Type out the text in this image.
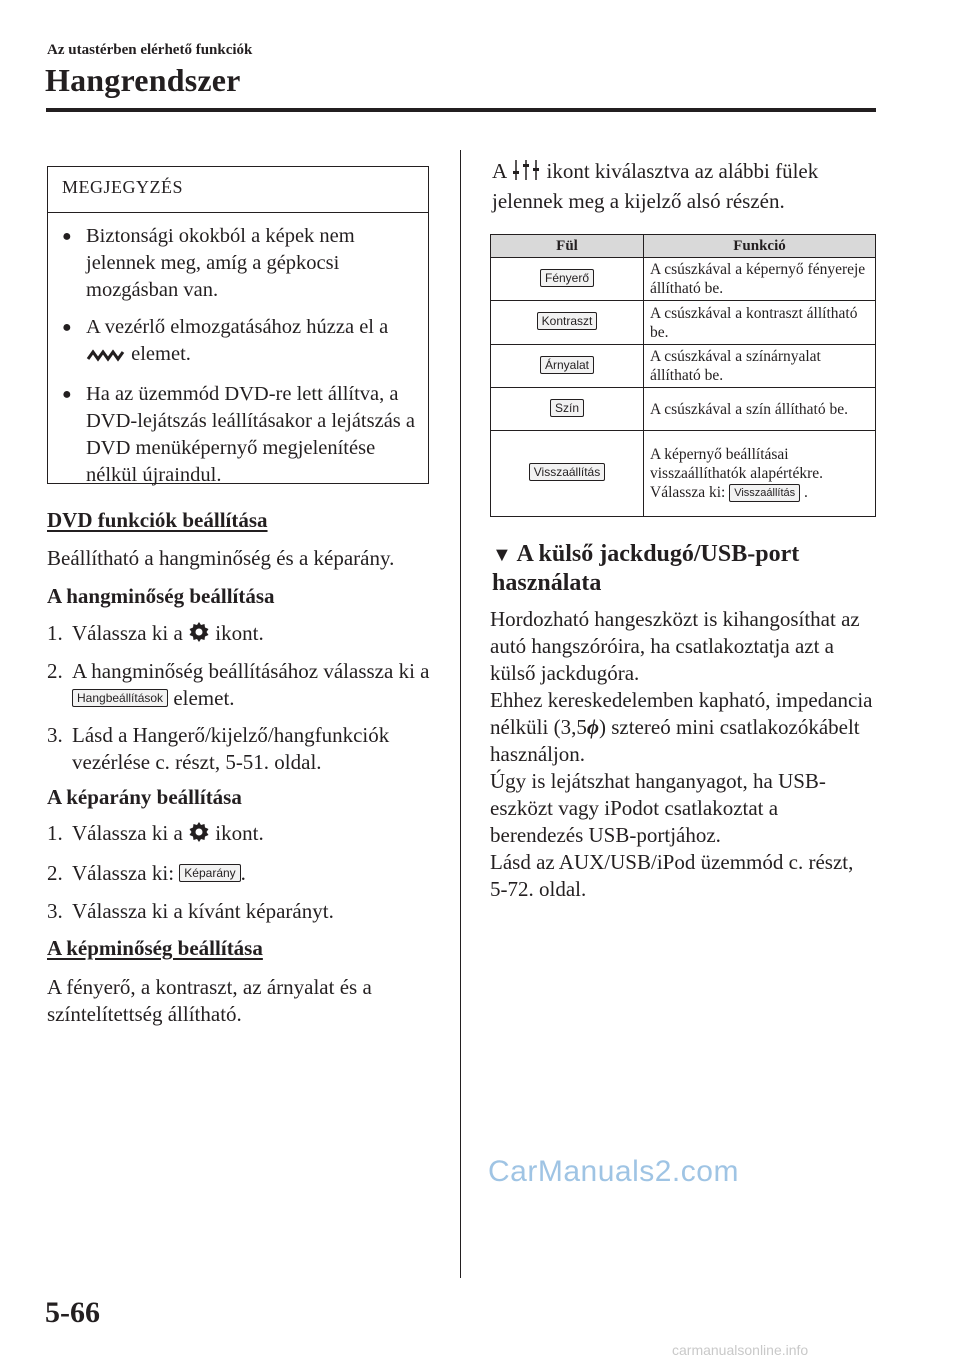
Az utastérben elérhető funkciók
Hangrendszer
MEGJEGYZÉS
● Biztonsági okokból a képek nem jelennek meg, amíg a gépkocsi mozgásban van.
● A vezérlő elmozgatásához húzza el a  elemet.
● Ha az üzemmód DVD-re lett állítva, a DVD-lejátszás leállításakor a lejátszás a DVD menüképernyő megjelenítése nélkül újraindul.
DVD funkciók beállítása
Beállítható a hangminőség és a képarány.
A hangminőség beállítása
1. Válassza ki a ikont.
2. A hangminőség beállításához válassza ki a Hangbeállítások elemet.
3. Lásd a Hangerő/kijelző/hangfunkciók vezérlése c. részt, 5-51. oldal.
A képarány beállítása
1. Válassza ki a ikont.
2. Válassza ki: Képarány .
3. Válassza ki a kívánt képarányt.
A képminőség beállítása
A fényerő, a kontraszt, az árnyalat és a színtelítettség állítható.
A ikont kiválasztva az alábbi fülek jelennek meg a kijelző alsó részén.
Fül	Funkció
Fényerő	A csúszkával a képernyő fényereje állítható be.
Kontraszt	A csúszkával a kontraszt állítható be.
Árnyalat	A csúszkával a színárnyalat állítható be.
Szín	A csúszkával a szín állítható be.
Visszaállítás	A képernyő beállításai visszaállíthatók alapértékre.
Válassza ki: Visszaállítás .
▼ A külső jackdugó/USB-port használata
Hordozható hangeszközt is kihangosíthat az autó hangszóróira, ha csatlakoztatja azt a külső jackdugóra.
Ehhez kereskedelemben kapható, impedancia nélküli (3,5ϕ) sztereó mini csatlakozókábelt használjon.
Úgy is lejátszhat hanganyagot, ha USB-eszközt vagy iPodot csatlakoztat a berendezés USB-portjához.
Lásd az AUX/USB/iPod üzemmód c. részt, 5-72. oldal.
CarManuals2.com
5-66
carmanualsonline.info
